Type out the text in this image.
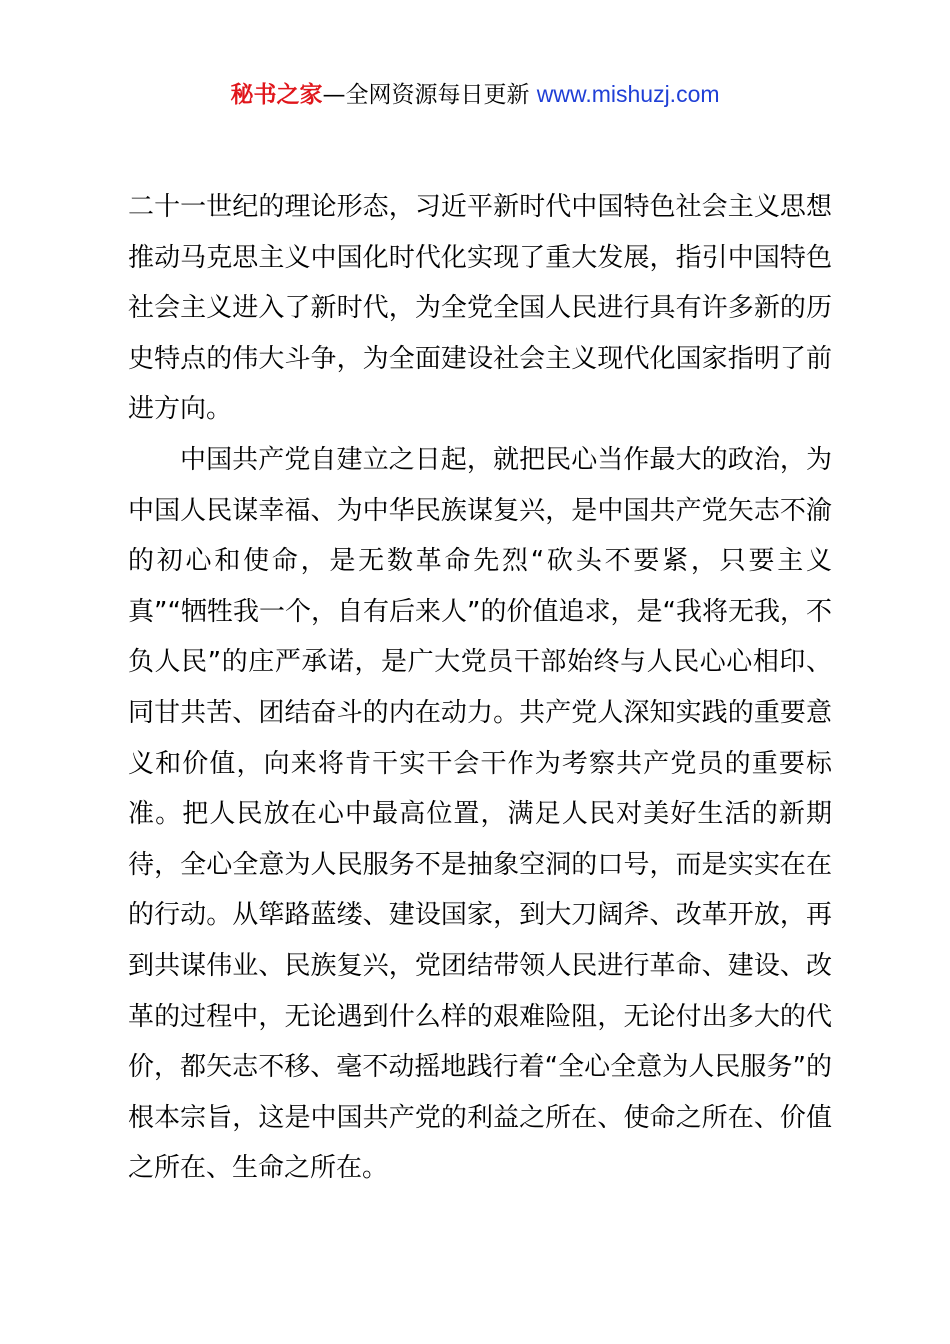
秘书之家—全网资源每日更新 www.mishuzj.com

二十一世纪的理论形态，习近平新时代中国特色社会主义思想推动马克思主义中国化时代化实现了重大发展，指引中国特色社会主义进入了新时代，为全党全国人民进行具有许多新的历史特点的伟大斗争，为全面建设社会主义现代化国家指明了前进方向。

中国共产党自建立之日起，就把民心当作最大的政治，为中国人民谋幸福、为中华民族谋复兴，是中国共产党矢志不渝的初心和使命，是无数革命先烈“砍头不要紧，只要主义真”“牺牲我一个，自有后来人”的价值追求，是“我将无我，不负人民”的庄严承诺，是广大党员干部始终与人民心心相印、同甘共苦、团结奋斗的内在动力。共产党人深知实践的重要意义和价值，向来将肯干实干会干作为考察共产党员的重要标准。把人民放在心中最高位置，满足人民对美好生活的新期待，全心全意为人民服务不是抽象空洞的口号，而是实实在在的行动。从筚路蓝缕、建设国家，到大刀阔斧、改革开放，再到共谋伟业、民族复兴，党团结带领人民进行革命、建设、改革的过程中，无论遇到什么样的艰难险阻，无论付出多大的代价，都矢志不移、毫不动摇地践行着“全心全意为人民服务”的根本宗旨，这是中国共产党的利益之所在、使命之所在、价值之所在、生命之所在。
